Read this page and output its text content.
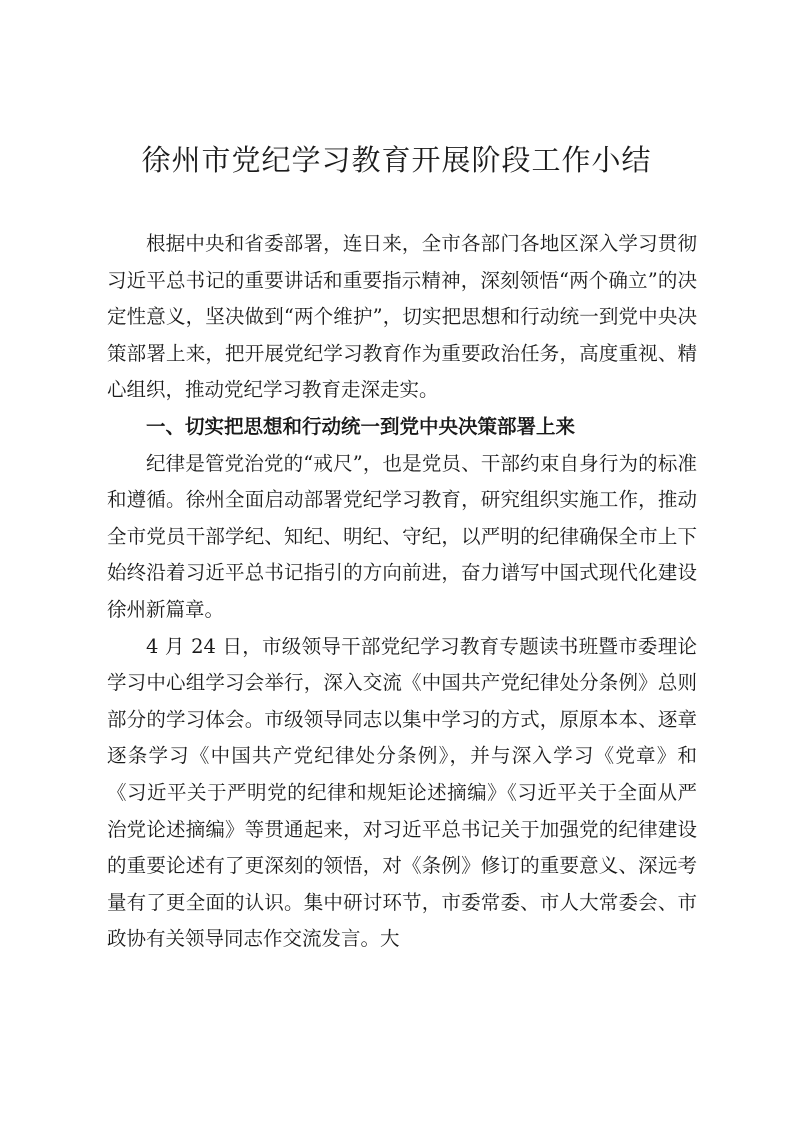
徐州市党纪学习教育开展阶段工作小结

根据中央和省委部署，连日来，全市各部门各地区深入学习贯彻习近平总书记的重要讲话和重要指示精神，深刻领悟“两个确立”的决定性意义，坚决做到“两个维护”，切实把思想和行动统一到党中央决策部署上来，把开展党纪学习教育作为重要政治任务，高度重视、精心组织，推动党纪学习教育走深走实。

一、切实把思想和行动统一到党中央决策部署上来

纪律是管党治党的“戒尺”，也是党员、干部约束自身行为的标准和遵循。徐州全面启动部署党纪学习教育，研究组织实施工作，推动全市党员干部学纪、知纪、明纪、守纪，以严明的纪律确保全市上下始终沿着习近平总书记指引的方向前进，奋力谱写中国式现代化建设徐州新篇章。

4 月 24 日，市级领导干部党纪学习教育专题读书班暨市委理论学习中心组学习会举行，深入交流《中国共产党纪律处分条例》总则部分的学习体会。市级领导同志以集中学习的方式，原原本本、逐章逐条学习《中国共产党纪律处分条例》，并与深入学习《党章》和《习近平关于严明党的纪律和规矩论述摘编》《习近平关于全面从严治党论述摘编》等贯通起来，对习近平总书记关于加强党的纪律建设的重要论述有了更深刻的领悟，对《条例》修订的重要意义、深远考量有了更全面的认识。集中研讨环节，市委常委、市人大常委会、市政协有关领导同志作交流发言。大
